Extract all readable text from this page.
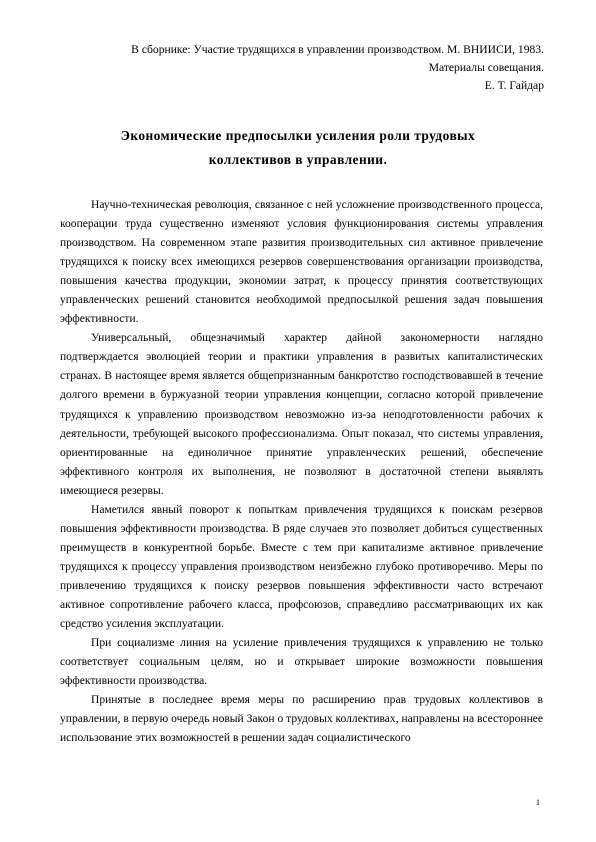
В сборнике: Участие трудящихся в управлении производством. М. ВНИИСИ, 1983.
Материалы совещания.
Е. Т. Гайдар
Экономические предпосылки усиления роли трудовых
коллективов в управлении.

Научно-техническая революция, связанное с ней усложнение производственного процесса, кооперации труда существенно изменяют условия функционирования системы управления производством. На современном этапе развития производительных сил активное привлечение трудящихся к поиску всех имеющихся резервов совершенствования организации производства, повышения качества продукции, экономии затрат, к процессу принятия соответствующих управленческих решений становится необходимой предпосылкой решения задач повышения эффективности.

Универсальный, общезначимый характер дайной закономерности наглядно подтверждается эволюцией теории и практики управления в развитых капиталистических странах. В настоящее время является общепризнанным банкротство господствовавшей в течение долгого времени в буржуазной теории управления концепции, согласно которой привлечение трудящихся к управлению производством невозможно из-за неподготовленности рабочих к деятельности, требующей высокого профессионализма. Опыт показал, что системы управления, ориентированные на единоличное принятие управленческих решений, обеспечение эффективного контроля их выполнения, не позволяют в достаточной степени выявлять имеющиеся резервы.

Наметился явный поворот к попыткам привлечения трудящихся к поискам резервов повышения эффективности производства. В ряде случаев это позволяет добиться существенных преимуществ в конкурентной борьбе. Вместе с тем при капитализме активное привлечение трудящихся к процессу управления производством неизбежно глубоко противоречиво. Меры по привлечению трудящихся к поиску резервов повышения эффективности часто встречают активное сопротивление рабочего класса, профсоюзов, справедливо рассматривающих их как средство усиления эксплуатации.

При социализме линия на усиление привлечения трудящихся к управлению не только соответствует социальным целям, но и открывает широкие возможности повышения эффективности производства.

Принятые в последнее время меры по расширению прав трудовых коллективов в управлении, в первую очередь новый Закон о трудовых коллективах, направлены на всестороннее использование этих возможностей в решении задач социалистического

1
